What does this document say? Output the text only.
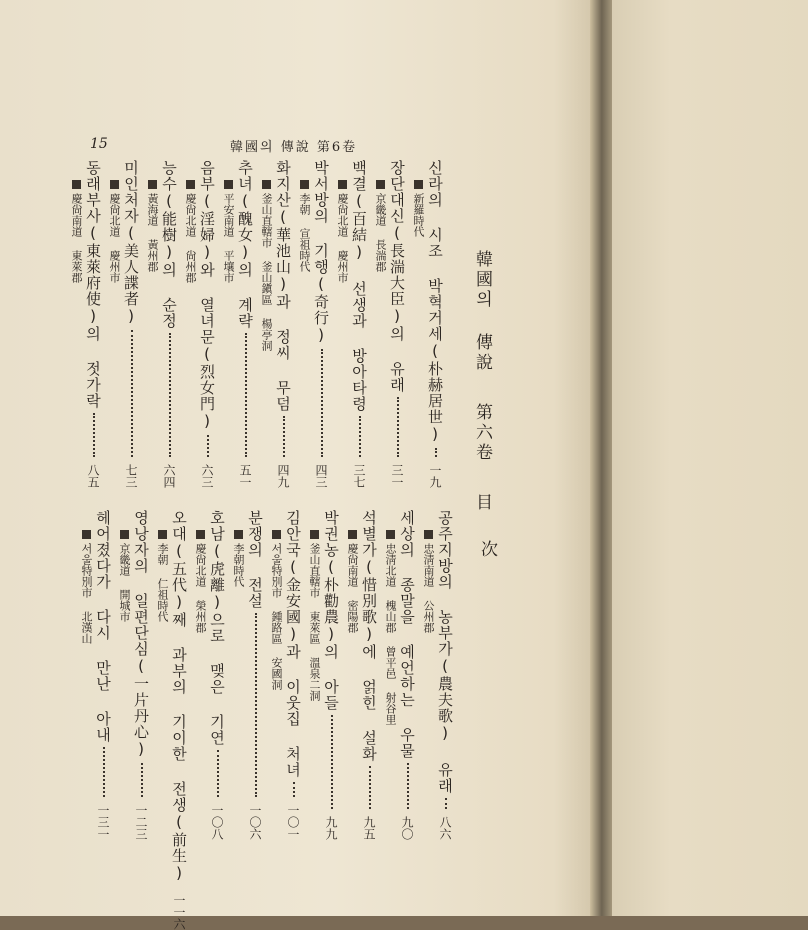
15	韓國의 傳說 第6卷
韓國의 傳說
第六卷
目
次
신라의 시조 박혁거세(朴赫居世)
一九
新羅時代
장단대신(長湍大臣)의 유래
三一
京畿道 長湍郡
백결(百結) 선생과 방아타령
三七
慶尙北道 慶州市
박서방의 기행(奇行)
四三
李朝 宣祖時代
화지산(華池山)과 정씨 무덤
四九
釜山直轄市 釜山鎭區 楊亭洞
추녀(醜女)의 계략
五一
平安南道 平壤市
음부(淫婦)와 열녀문(烈女門)
六三
慶尙北道 尙州郡
능수(能樹)의 순정
六四
黃海道 黃州郡
미인처자(美人諜者)
七三
慶尙北道 慶州市
동래부사(東萊府使)의 젓가락
八五
慶尙南道 東萊郡
공주지방의 농부가(農夫歌) 유래
八六
忠淸南道 公州郡
세상의 종말을 예언하는 우물
九〇
忠淸北道 槐山郡 曾平邑 射谷里
석별가(惜別歌)에 얽힌 설화
九五
慶尙南道 密陽郡
박권농(朴勸農)의 아들
九九
釜山直轄市 東萊區 溫泉二洞
김안국(金安國)과 이웃집 처녀
一〇一
서울特別市 鍾路區 安國洞
분쟁의 전설
一〇六
李朝時代
호남(虎離)으로 맺은 기연
一〇八
慶尙北道 榮州郡
오대(五代)째 과부의 기이한 전생(前生)
一一六
李朝 仁祖時代
영낭자의 일편단심(一片丹心)
一二三
京畿道 開城市
헤어졌다가 다시 만난 아내
一三一
서울特別市 北漢山
